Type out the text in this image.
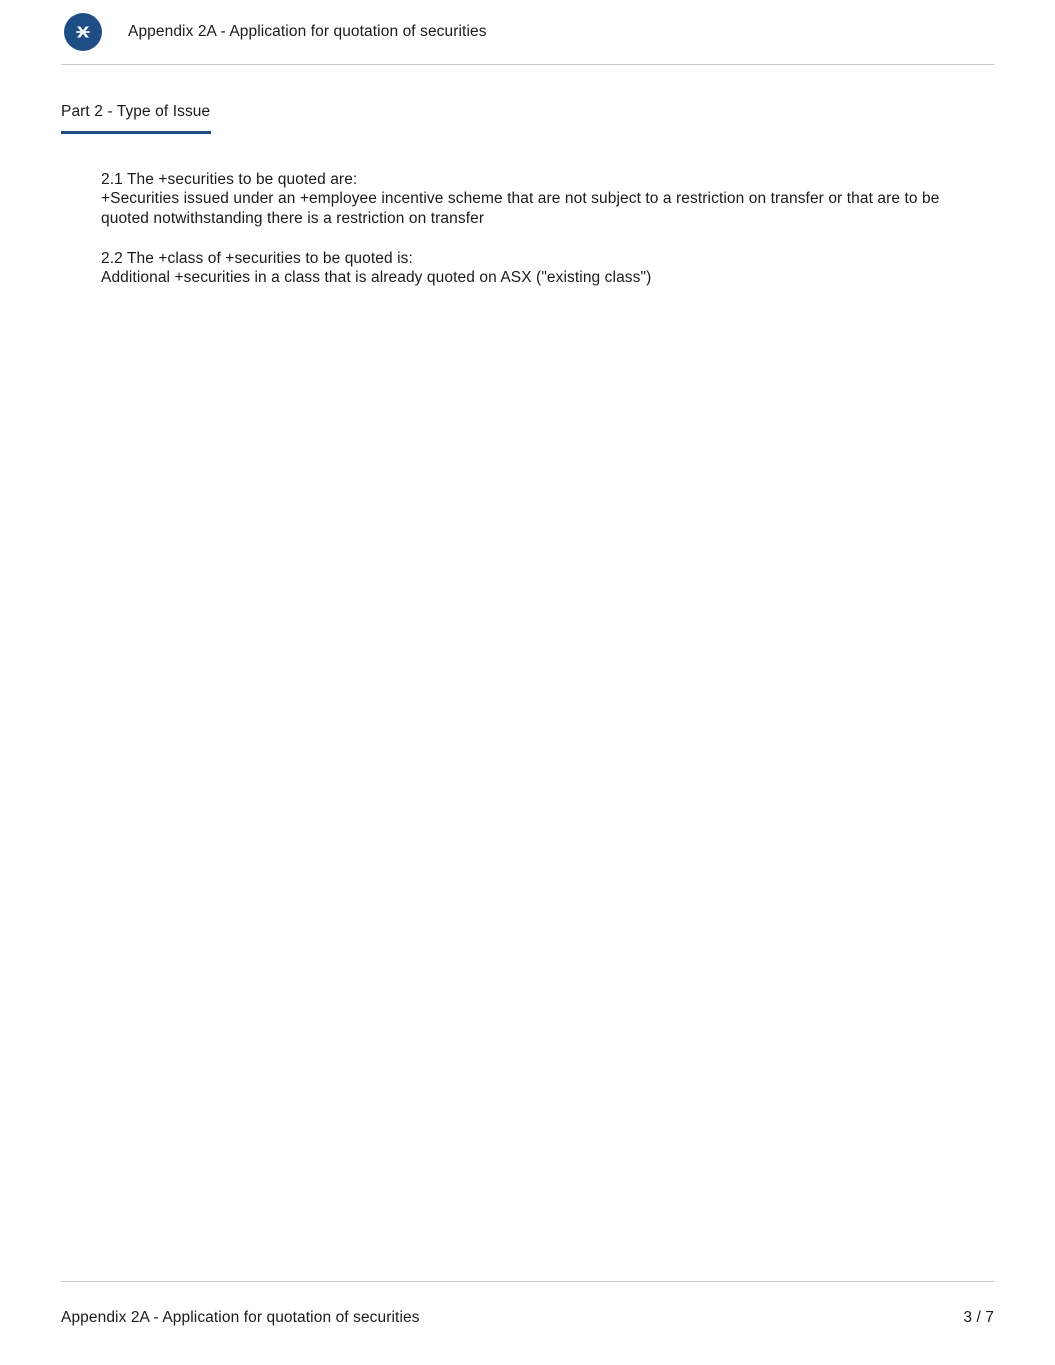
Appendix 2A - Application for quotation of securities
Part 2 - Type of Issue
2.1 The +securities to be quoted are:
+Securities issued under an +employee incentive scheme that are not subject to a restriction on transfer or that are to be quoted notwithstanding there is a restriction on transfer
2.2 The +class of +securities to be quoted is:
Additional +securities in a class that is already quoted on ASX ("existing class")
Appendix 2A - Application for quotation of securities	3 / 7
